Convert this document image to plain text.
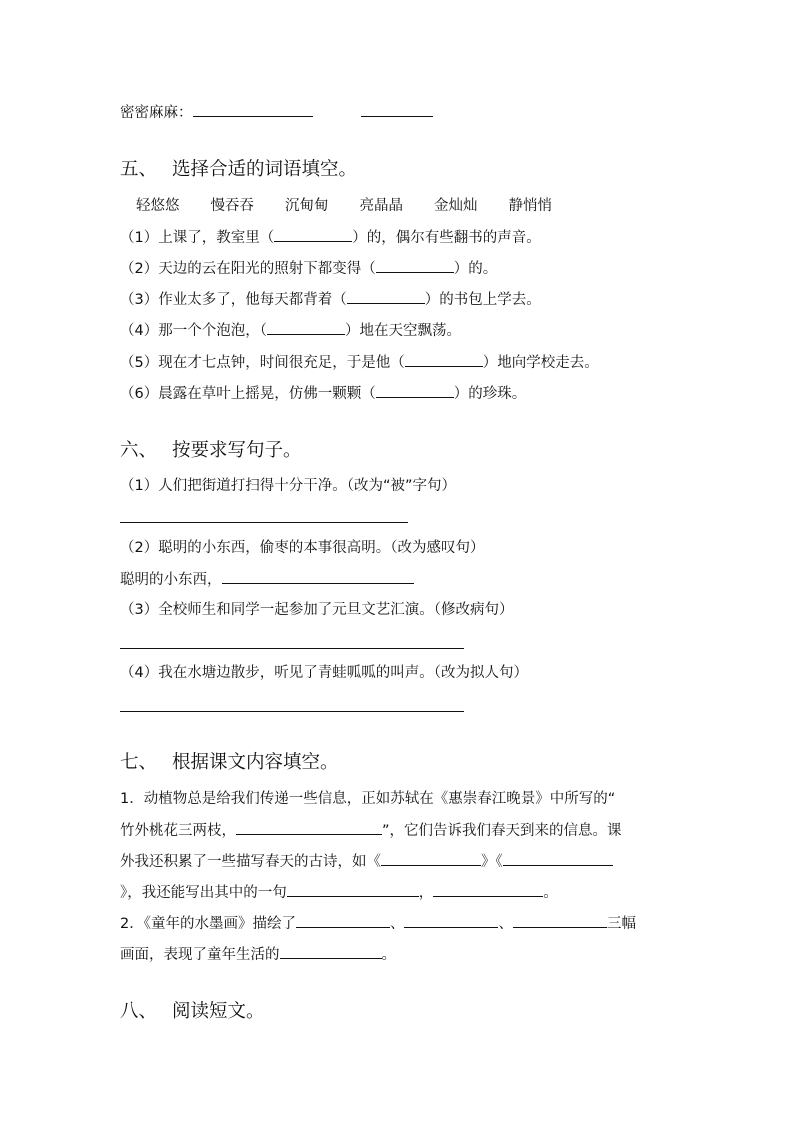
密密麻麻：
五、 选择合适的词语填空。
轻悠悠 慢吞吞 沉甸甸 亮晶晶 金灿灿 静悄悄
（1）上课了，教室里（	）的，偶尔有些翻书的声音。
（2）天边的云在阳光的照射下都变得（	）的。
（3）作业太多了，他每天都背着（	）的书包上学去。
（4）那一个个泡泡，（	）地在天空飘荡。
（5）现在才七点钟，时间很充足，于是他（	）地向学校走去。
（6）晨露在草叶上摇晃，仿佛一颗颗（	）的珍珠。
六、 按要求写句子。
（1）人们把街道打扫得十分干净。（改为“被”字句）
（2）聪明的小东西，偷枣的本事很高明。（改为感叹句）
聪明的小东西，
（3）全校师生和同学一起参加了元旦文艺汇演。（修改病句）
（4）我在水塘边散步，听见了青蛙呱呱的叫声。（改为拟人句）
七、 根据课文内容填空。
1．动植物总是给我们传递一些信息，正如苏轼在《惠崇春江晚景》中所写的“
竹外桃花三两枝，	”，它们告诉我们春天到来的信息。课
外我还积累了一些描写春天的古诗，如《	》《
》，我还能写出其中的一句	，	。
2．《童年的水墨画》描绘了	、	、	三幅
画面，表现了童年生活的	。
八、 阅读短文。
